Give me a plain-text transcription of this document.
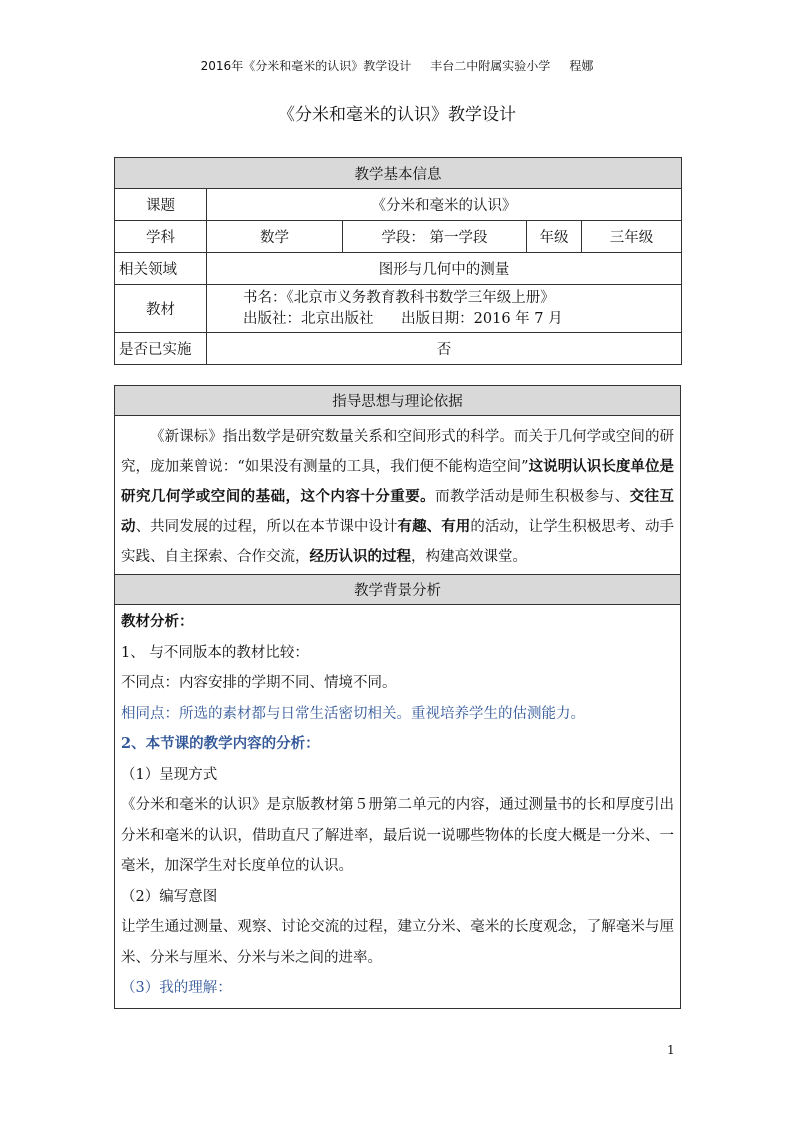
2016年《分米和毫米的认识》教学设计     丰台二中附属实验小学     程娜
《分米和毫米的认识》教学设计
教学基本信息				
课题	《分米和毫米的认识》			
学科	数学	学段： 第一学段	年级	三年级
相关领域	图形与几何中的测量			
教材	书名：《北京市义务教育教科书数学三年级上册》
出版社：北京出版社      出版日期：2016 年 7 月			

是否已实施	否			
指导思想与理论依据
《新课标》指出数学是研究数量关系和空间形式的科学。而关于几何学或空间的研究，庞加莱曾说：“如果没有测量的工具，我们便不能构造空间”这说明认识长度单位是研究几何学或空间的基础，这个内容十分重要。而教学活动是师生积极参与、交往互动、共同发展的过程，所以在本节课中设计有趣、有用的活动，让学生积极思考、动手实践、自主探索、合作交流，经历认识的过程，构建高效课堂。
教学背景分析

教材分析：
1、 与不同版本的教材比较：
不同点：内容安排的学期不同、情境不同。
相同点：所选的素材都与日常生活密切相关。重视培养学生的估测能力。
2、本节课的教学内容的分析：
（1）呈现方式
《分米和毫米的认识》是京版教材第５册第二单元的内容，通过测量书的长和厚度引出分米和毫米的认识，借助直尺了解进率，最后说一说哪些物体的长度大概是一分米、一毫米，加深学生对长度单位的认识。
（2）编写意图
让学生通过测量、观察、讨论交流的过程，建立分米、毫米的长度观念，了解毫米与厘米、分米与厘米、分米与米之间的进率。
（3）我的理解：
1
